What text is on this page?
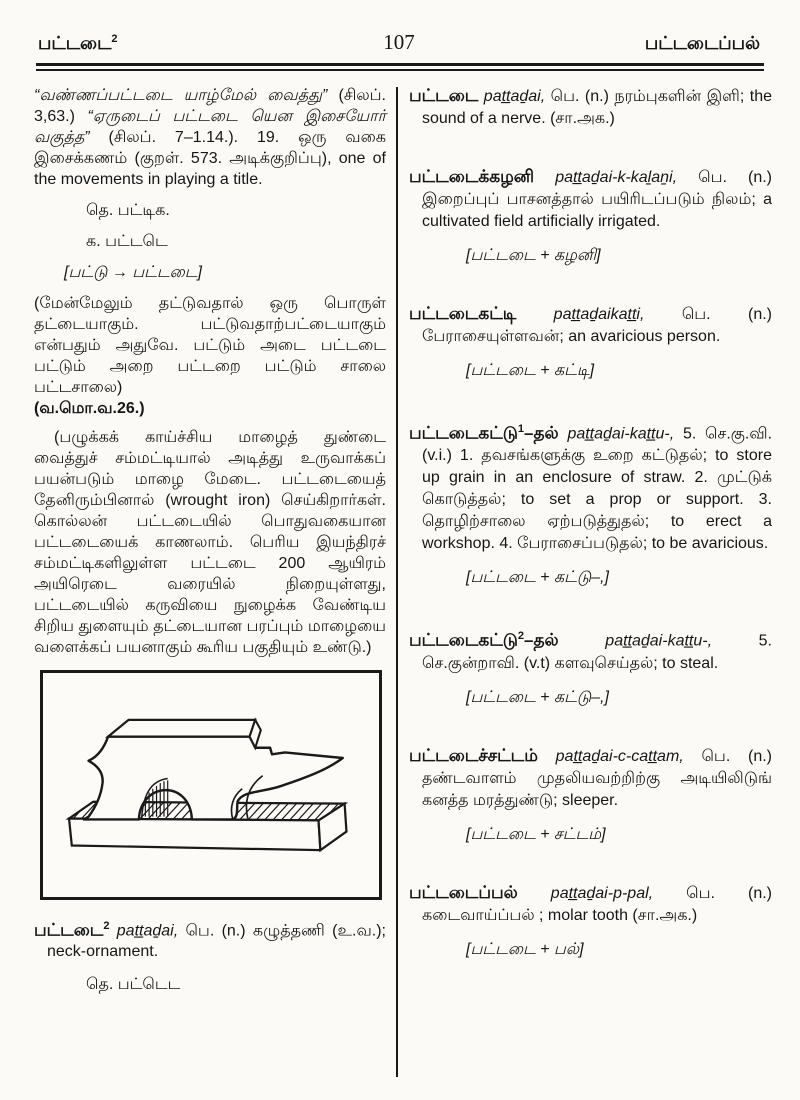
பட்டடை$^2$	107	பட்டடைப்பல்
“வண்ணப்பட்டடை யாழ்மேல் வைத்து” (சிலப். 3,63.) “ஏருடைப் பட்டடை யென இசையோர் வகுத்த” (சிலப். 7–1.14.). 19. ஒரு வகை இசைக்கணம் (குறள். 573. அடிக்குறிப்பு), one of the movements in playing a title.
தெ. பட்டிக.
க. பட்டடெ
[பட்டு → பட்டடை]
(மேன்மேலும் தட்டுவதால் ஒரு பொருள் தட்டையாகும். பட்டுவதாற்பட்டையாகும் என்பதும் அதுவே. பட்டும் அடை பட்டடை பட்டும் அறை பட்டறை பட்டும் சாலை பட்டசாலை)
(வ.மொ.வ.26.)
(பழுக்கக் காய்ச்சிய மாழைத் துண்டை வைத்துச் சம்மட்டியால் அடித்து உருவாக்கப் பயன்படும் மாழை மேடை. பட்டடையைத் தேனிரும்பினால் (wrought iron) செய்கிறார்கள். கொல்லன் பட்டடையில் பொதுவகையான பட்டடையைக் காணலாம். பெரிய இயந்திரச் சம்மட்டிகளிலுள்ள பட்டடை 200 ஆயிரம் அயிரெடை வரையில் நிறையுள்ளது, பட்டடையில் கருவியை நுழைக்க வேண்டிய சிறிய துளையும் தட்டையான பரப்பும் மாழையை வளைக்கப் பயனாகும் கூரிய பகுதியும் உண்டு.)
பட்டடை$^2$ paṯṯaḏai, பெ. (n.) கழுத்தணி (உ.வ.); neck-ornament.
தெ. பட்டெட
பட்டடை paṯṯaḏai, பெ. (n.) நரம்புகளின் இளி; the sound of a nerve. (சா.அக.)
பட்டடைக்கழனி paṯṯaḏai-k-kaḻaṉi, பெ. (n.) இறைப்புப் பாசனத்தால் பயிரிடப்படும் நிலம்; a cultivated field artificially irrigated.
[பட்டடை + கழனி]
பட்டடைகட்டி paṯṯaḏaikaṯṯi, பெ. (n.) பேராசையுள்ளவன்; an avaricious person.
[பட்டடை + கட்டி]
பட்டடைகட்டு$^1$–தல் paṯṯaḏai-kaṯṯu-, 5. செ.கு.வி. (v.i.) 1. தவசங்களுக்கு உறை கட்டுதல்; to store up grain in an enclosure of straw. 2. முட்டுக் கொடுத்தல்; to set a prop or support. 3. தொழிற்சாலை ஏற்படுத்துதல்; to erect a workshop. 4. பேராசைப்படுதல்; to be avaricious.
[பட்டடை + கட்டு–,]
பட்டடைகட்டு$^2$–தல்	paṯṯaḏai-kaṯṯu-,	5. செ.குன்றாவி. (v.t) களவுசெய்தல்; to steal.
[பட்டடை + கட்டு–,]
பட்டடைச்சட்டம் paṯṯaḏai-c-caṯṯam, பெ. (n.) தண்டவாளம் முதலியவற்றிற்கு அடியிலிடுங் கனத்த மரத்துண்டு; sleeper.
[பட்டடை + சட்டம்]
பட்டடைப்பல் paṯṯaḏai-p-pal, பெ. (n.) கடைவாய்ப்பல் ; molar tooth (சா.அக.)
[பட்டடை + பல்]
